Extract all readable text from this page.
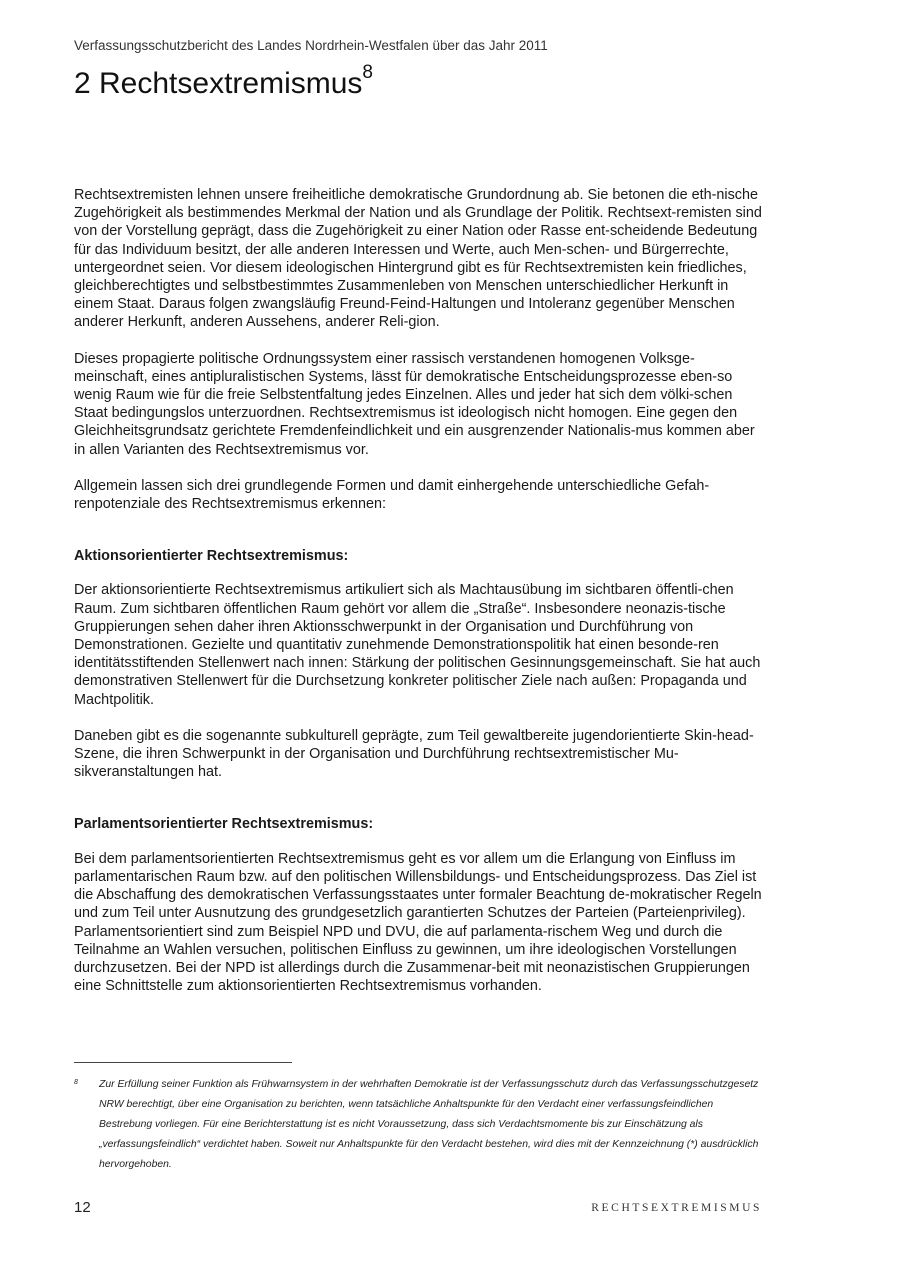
Verfassungsschutzbericht des Landes Nordrhein-Westfalen über das Jahr 2011
2 Rechtsextremismus$^8$

Rechtsextremisten lehnen unsere freiheitliche demokratische Grundordnung ab. Sie betonen die eth-nische Zugehörigkeit als bestimmendes Merkmal der Nation und als Grundlage der Politik. Rechtsext-remisten sind von der Vorstellung geprägt, dass die Zugehörigkeit zu einer Nation oder Rasse ent-scheidende Bedeutung für das Individuum besitzt, der alle anderen Interessen und Werte, auch Men-schen- und Bürgerrechte, untergeordnet seien. Vor diesem ideologischen Hintergrund gibt es für Rechtsextremisten kein friedliches, gleichberechtigtes und selbstbestimmtes Zusammenleben von Menschen unterschiedlicher Herkunft in einem Staat. Daraus folgen zwangsläufig Freund-Feind-Haltungen und Intoleranz gegenüber Menschen anderer Herkunft, anderen Aussehens, anderer Reli-gion.

Dieses propagierte politische Ordnungssystem einer rassisch verstandenen homogenen Volksge-meinschaft, eines antipluralistischen Systems, lässt für demokratische Entscheidungsprozesse eben-so wenig Raum wie für die freie Selbstentfaltung jedes Einzelnen. Alles und jeder hat sich dem völki-schen Staat bedingungslos unterzuordnen. Rechtsextremismus ist ideologisch nicht homogen. Eine gegen den Gleichheitsgrundsatz gerichtete Fremdenfeindlichkeit und ein ausgrenzender Nationalis-mus kommen aber in allen Varianten des Rechtsextremismus vor.

Allgemein lassen sich drei grundlegende Formen und damit einhergehende unterschiedliche Gefah-renpotenziale des Rechtsextremismus erkennen:

Aktionsorientierter Rechtsextremismus:

Der aktionsorientierte Rechtsextremismus artikuliert sich als Machtausübung im sichtbaren öffentli-chen Raum. Zum sichtbaren öffentlichen Raum gehört vor allem die „Straße“. Insbesondere neonazis-tische Gruppierungen sehen daher ihren Aktionsschwerpunkt in der Organisation und Durchführung von Demonstrationen. Gezielte und quantitativ zunehmende Demonstrationspolitik hat einen besonde-ren identitätsstiftenden Stellenwert nach innen: Stärkung der politischen Gesinnungsgemeinschaft. Sie hat auch demonstrativen Stellenwert für die Durchsetzung konkreter politischer Ziele nach außen: Propaganda und Machtpolitik.

Daneben gibt es die sogenannte subkulturell geprägte, zum Teil gewaltbereite jugendorientierte Skin-head-Szene, die ihren Schwerpunkt in der Organisation und Durchführung rechtsextremistischer Mu-sikveranstaltungen hat.

Parlamentsorientierter Rechtsextremismus:

Bei dem parlamentsorientierten Rechtsextremismus geht es vor allem um die Erlangung von Einfluss im parlamentarischen Raum bzw. auf den politischen Willensbildungs- und Entscheidungsprozess. Das Ziel ist die Abschaffung des demokratischen Verfassungsstaates unter formaler Beachtung de-mokratischer Regeln und zum Teil unter Ausnutzung des grundgesetzlich garantierten Schutzes der Parteien (Parteienprivileg). Parlamentsorientiert sind zum Beispiel NPD und DVU, die auf parlamenta-rischem Weg und durch die Teilnahme an Wahlen versuchen, politischen Einfluss zu gewinnen, um ihre ideologischen Vorstellungen durchzusetzen. Bei der NPD ist allerdings durch die Zusammenar-beit mit neonazistischen Gruppierungen eine Schnittstelle zum aktionsorientierten Rechtsextremismus vorhanden.

8 Zur Erfüllung seiner Funktion als Frühwarnsystem in der wehrhaften Demokratie ist der Verfassungsschutz durch das Verfassungsschutzgesetz NRW berechtigt, über eine Organisation zu berichten, wenn tatsächliche Anhaltspunkte für den Verdacht einer verfassungsfeindlichen Bestrebung vorliegen. Für eine Berichterstattung ist es nicht Voraussetzung, dass sich Verdachtsmomente bis zur Einschätzung als „verfassungsfeindlich“ verdichtet haben. Soweit nur Anhaltspunkte für den Verdacht bestehen, wird dies mit der Kennzeichnung (*) ausdrücklich hervorgehoben.
12	RECHTSEXTREMISMUS
